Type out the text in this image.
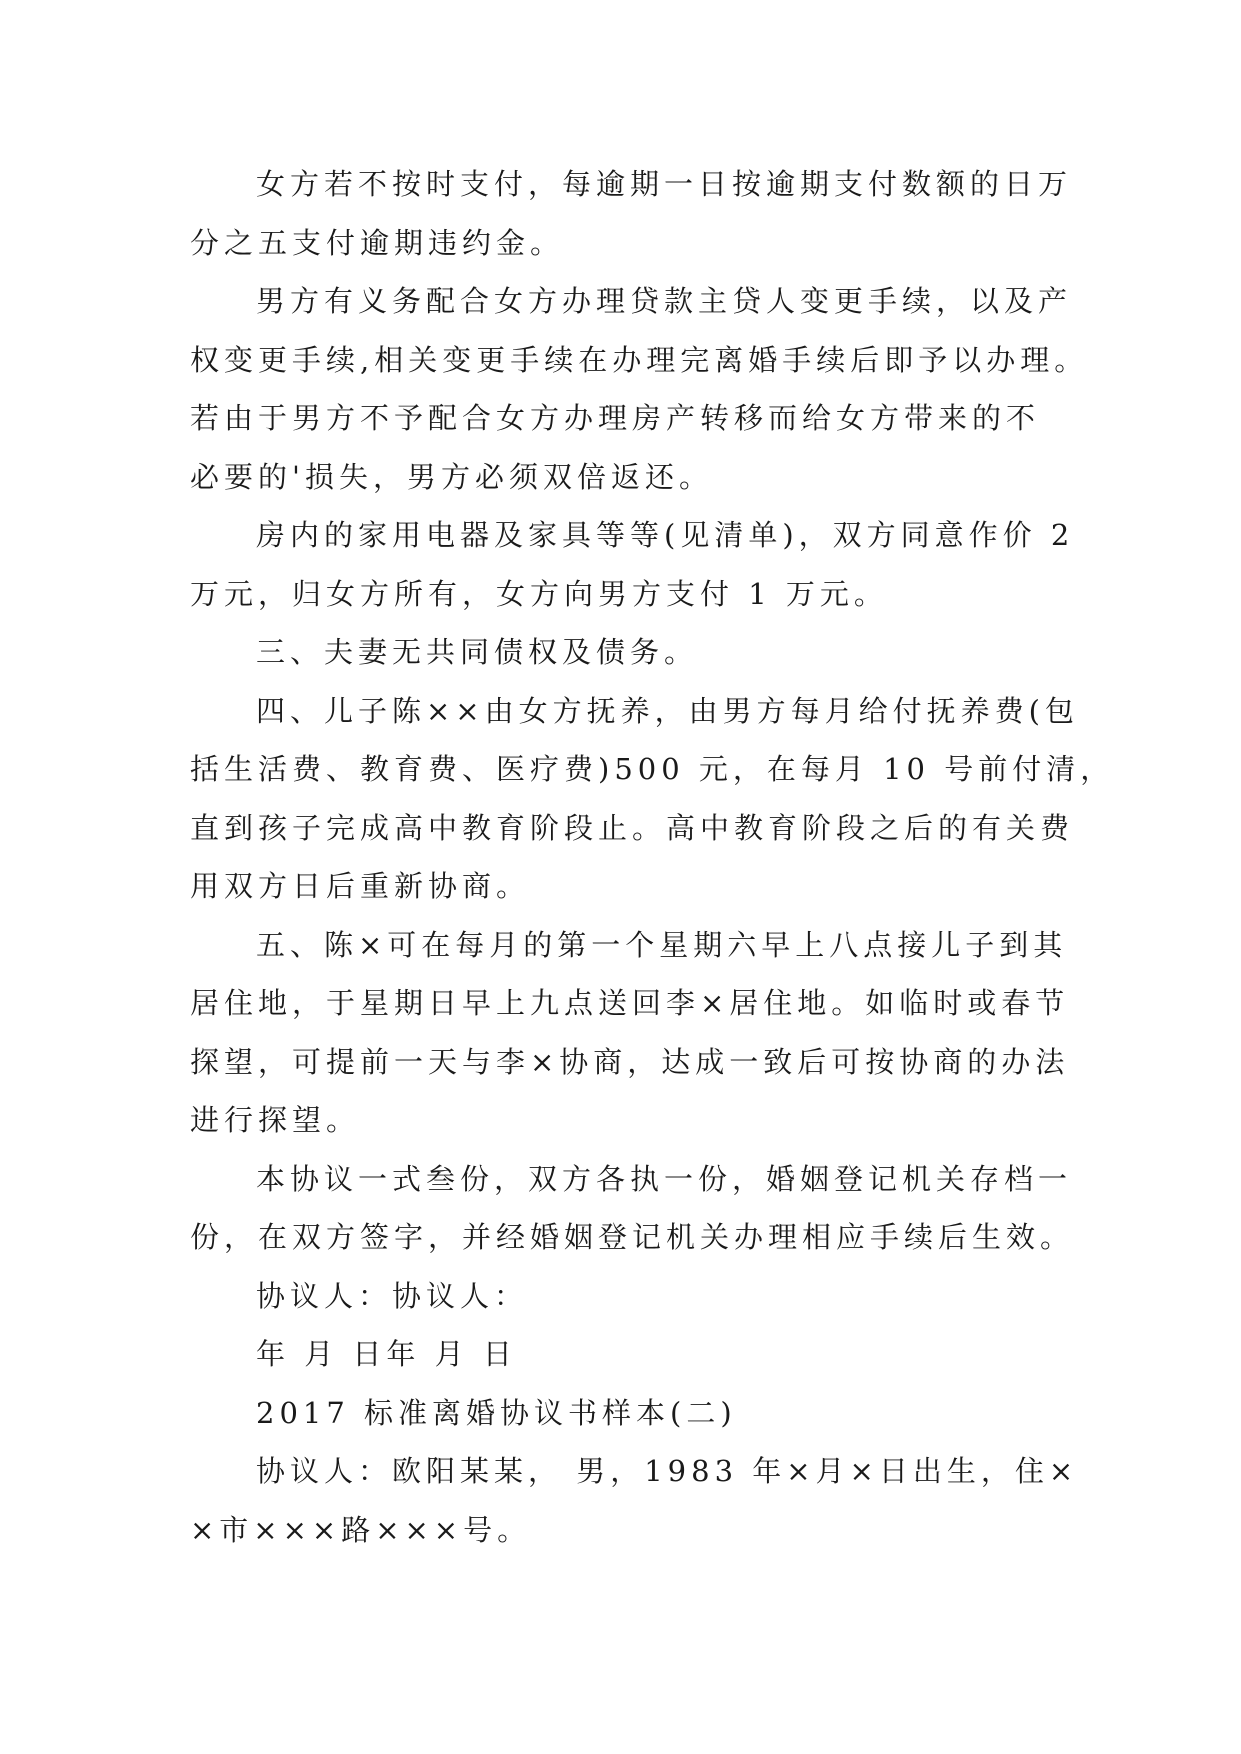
女方若不按时支付，每逾期一日按逾期支付数额的日万
分之五支付逾期违约金。
男方有义务配合女方办理贷款主贷人变更手续，以及产
权变更手续,相关变更手续在办理完离婚手续后即予以办理。
若由于男方不予配合女方办理房产转移而给女方带来的不
必要的'损失，男方必须双倍返还。
房内的家用电器及家具等等(见清单)，双方同意作价 2
万元，归女方所有，女方向男方支付 1 万元。
三、夫妻无共同债权及债务。
四、儿子陈××由女方抚养，由男方每月给付抚养费(包
括生活费、教育费、医疗费)500 元，在每月 10 号前付清，
直到孩子完成高中教育阶段止。高中教育阶段之后的有关费
用双方日后重新协商。
五、陈×可在每月的第一个星期六早上八点接儿子到其
居住地，于星期日早上九点送回李×居住地。如临时或春节
探望，可提前一天与李×协商，达成一致后可按协商的办法
进行探望。
本协议一式叁份，双方各执一份，婚姻登记机关存档一
份，在双方签字，并经婚姻登记机关办理相应手续后生效。
协议人：协议人：
年 月 日年 月 日
2017 标准离婚协议书样本(二)
协议人：欧阳某某， 男，1983 年×月×日出生，住×
×市×××路×××号。
